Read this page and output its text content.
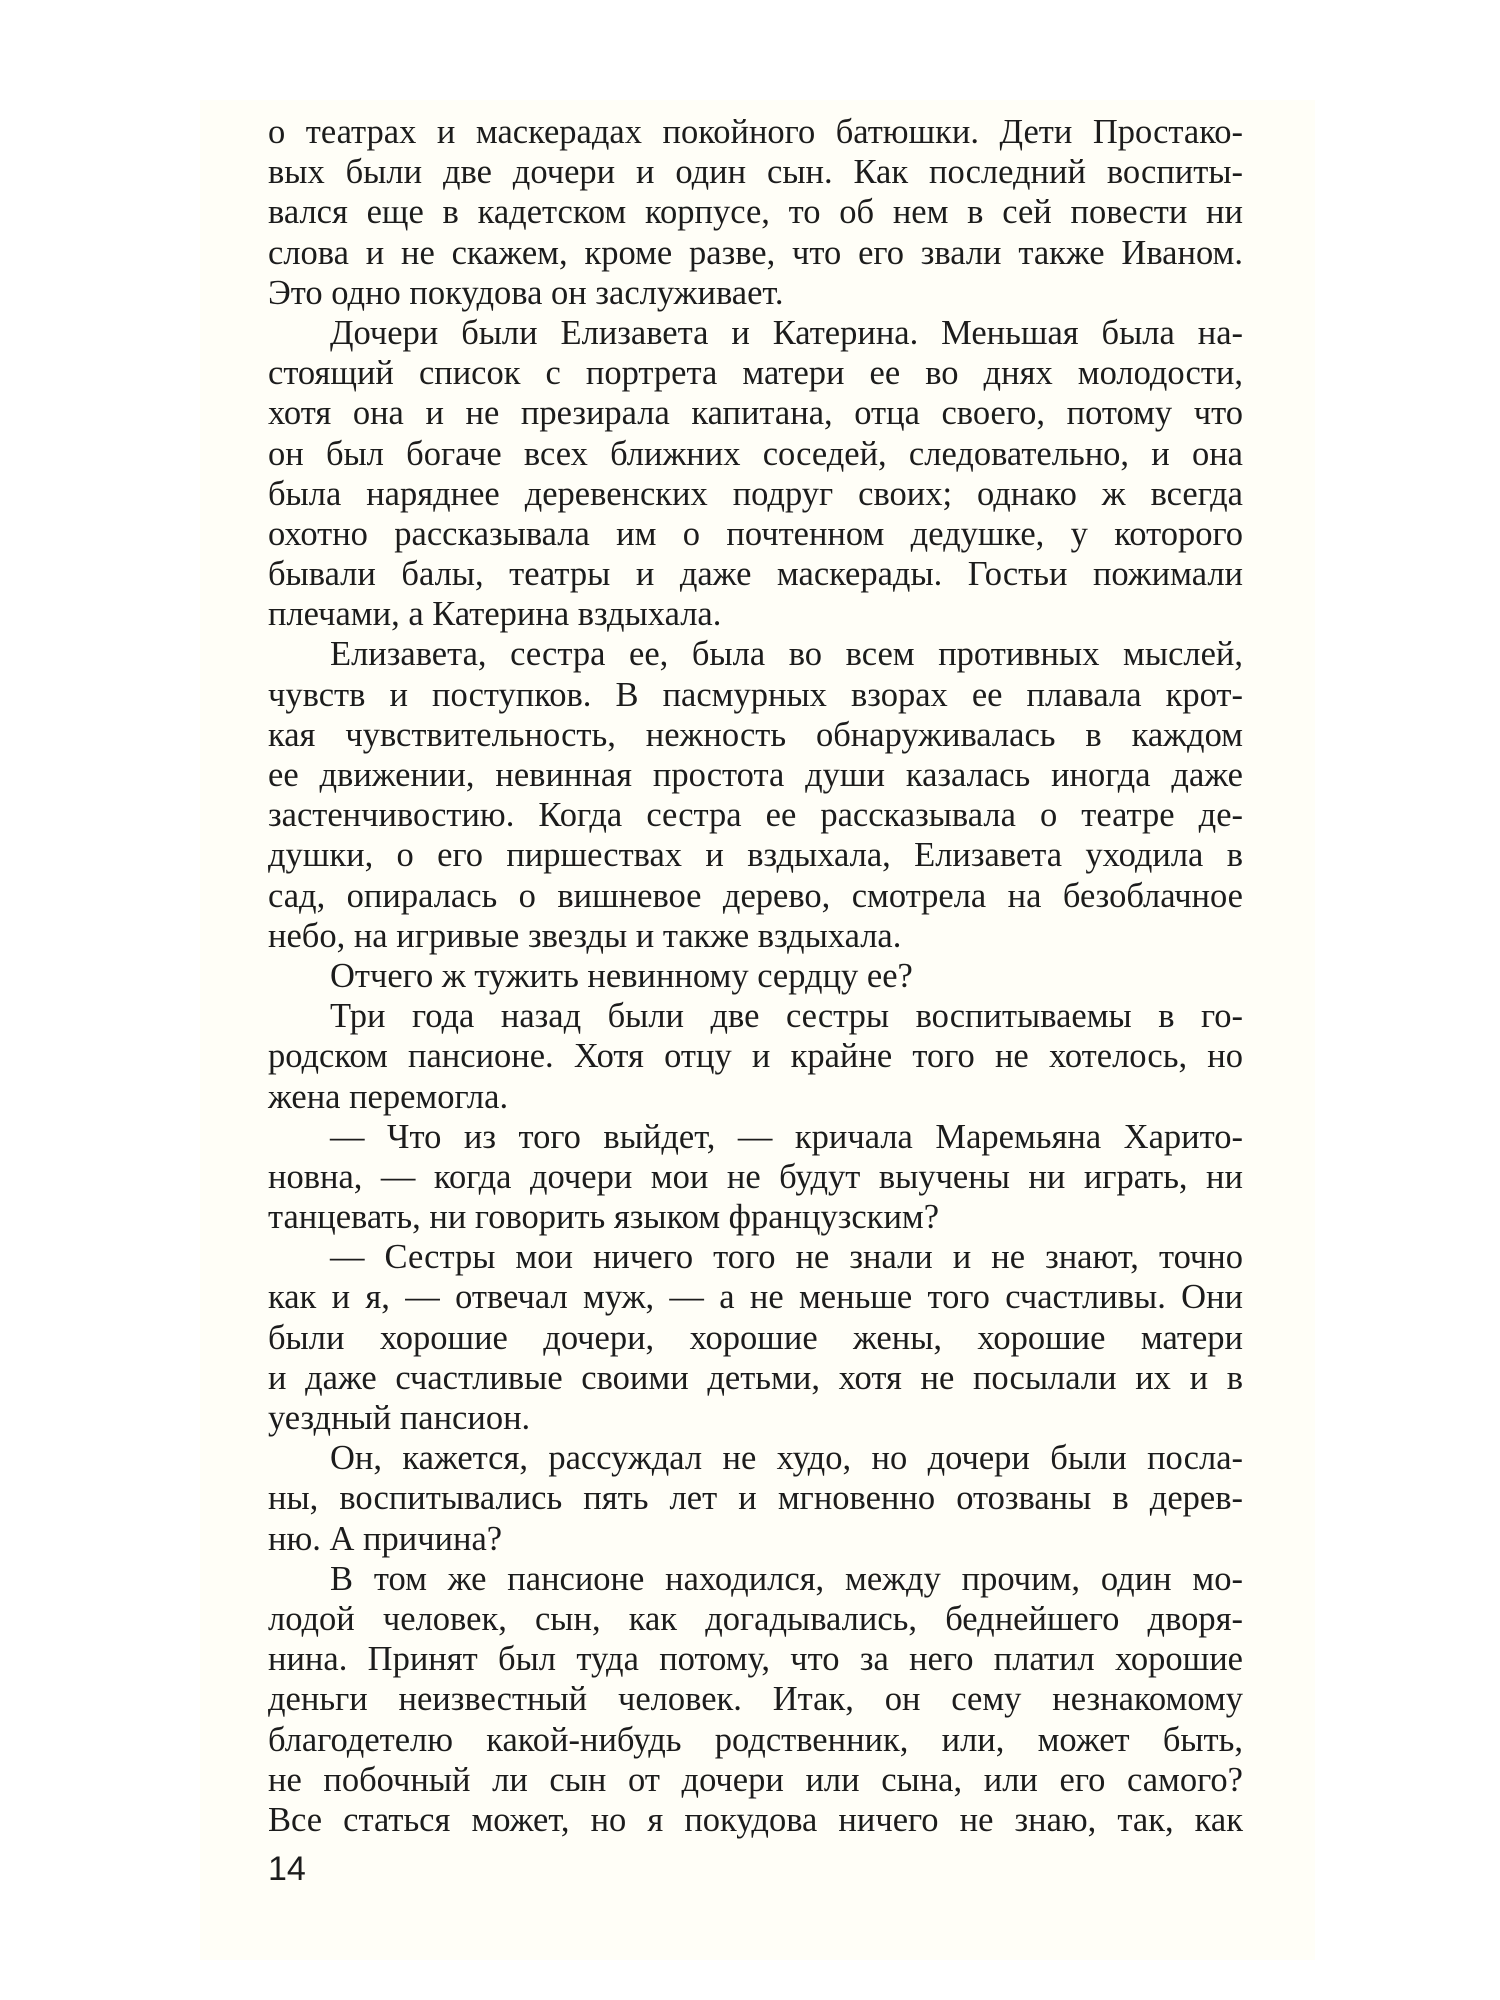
о театрах и маскерадах покойного батюшки. Дети Простако-
вых были две дочери и один сын. Как последний воспиты-
вался еще в кадетском корпусе, то об нем в сей повести ни
слова и не скажем, кроме разве, что его звали также Иваном.
Это одно покудова он заслуживает.
Дочери были Елизавета и Катерина. Меньшая была на-
стоящий список с портрета матери ее во днях молодости,
хотя она и не презирала капитана, отца своего, потому что
он был богаче всех ближних соседей, следовательно, и она
была наряднее деревенских подруг своих; однако ж всегда
охотно рассказывала им о почтенном дедушке, у которого
бывали балы, театры и даже маскерады. Гостьи пожимали
плечами, а Катерина вздыхала.
Елизавета, сестра ее, была во всем противных мыслей,
чувств и поступков. В пасмурных взорах ее плавала крот-
кая чувствительность, нежность обнаруживалась в каждом
ее движении, невинная простота души казалась иногда даже
застенчивостию. Когда сестра ее рассказывала о театре де-
душки, о его пиршествах и вздыхала, Елизавета уходила в
сад, опиралась о вишневое дерево, смотрела на безоблачное
небо, на игривые звезды и также вздыхала.
Отчего ж тужить невинному сердцу ее?
Три года назад были две сестры воспитываемы в го-
родском пансионе. Хотя отцу и крайне того не хотелось, но
жена перемогла.
— Что из того выйдет, — кричала Маремьяна Харито-
новна, — когда дочери мои не будут выучены ни играть, ни
танцевать, ни говорить языком французским?
— Сестры мои ничего того не знали и не знают, точно
как и я, — отвечал муж, — а не меньше того счастливы. Они
были хорошие дочери, хорошие жены, хорошие матери
и даже счастливые своими детьми, хотя не посылали их и в
уездный пансион.
Он, кажется, рассуждал не худо, но дочери были посла-
ны, воспитывались пять лет и мгновенно отозваны в дерев-
ню. А причина?
В том же пансионе находился, между прочим, один мо-
лодой человек, сын, как догадывались, беднейшего дворя-
нина. Принят был туда потому, что за него платил хорошие
деньги неизвестный человек. Итак, он сему незнакомому
благодетелю какой-нибудь родственник, или, может быть,
не побочный ли сын от дочери или сына, или его самого?
Все статься может, но я покудова ничего не знаю, так, как
14
